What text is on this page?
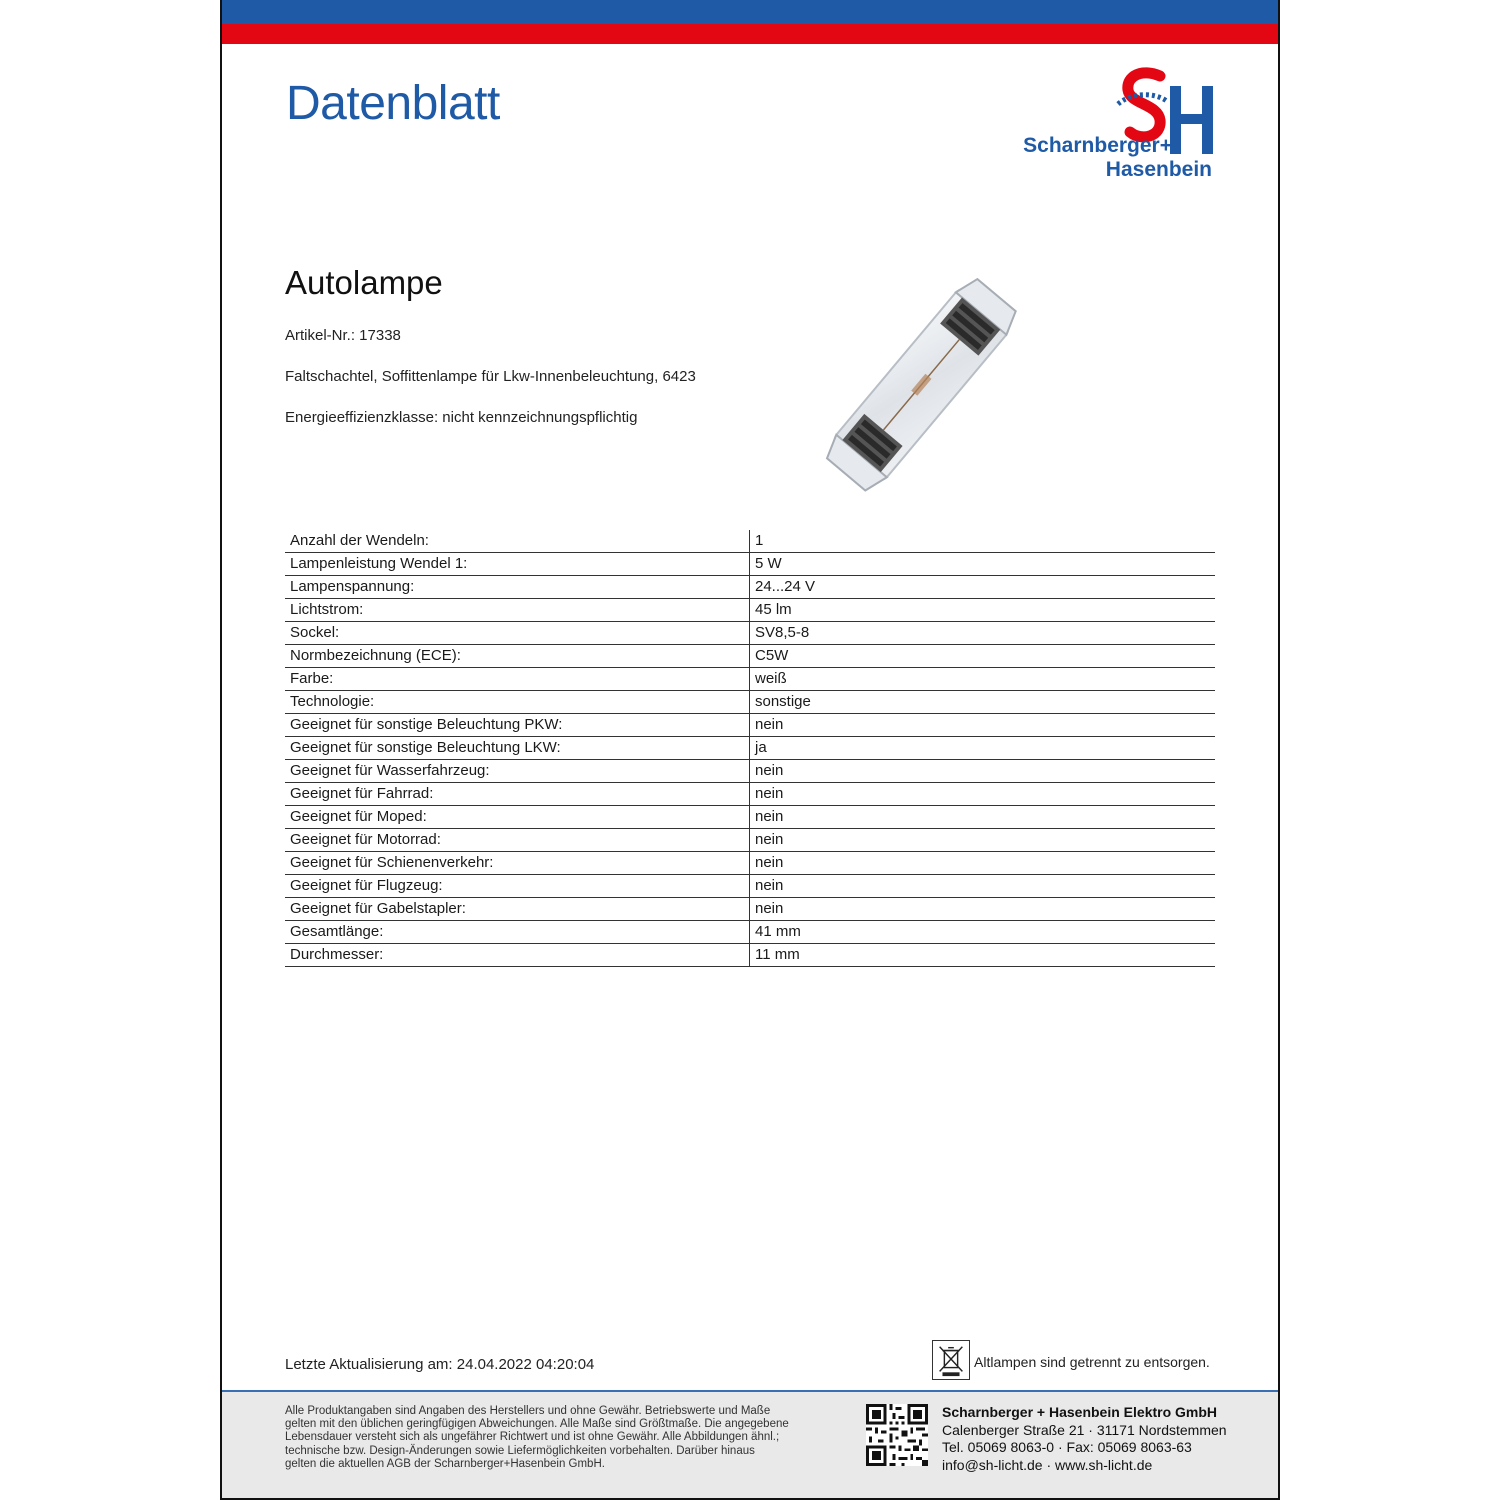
Datenblatt
Scharnberger+
Hasenbein
Autolampe
Artikel-Nr.: 17338
Faltschachtel, Soffittenlampe für Lkw-Innenbeleuchtung, 6423
Energieeffizienzklasse: nicht kennzeichnungspflichtig
Anzahl der Wendeln:	1
Lampenleistung Wendel 1:	5 W
Lampenspannung:	24...24 V
Lichtstrom:	45 lm
Sockel:	SV8,5-8
Normbezeichnung (ECE):	C5W
Farbe:	weiß
Technologie:	sonstige
Geeignet für sonstige Beleuchtung PKW:	nein
Geeignet für sonstige Beleuchtung LKW:	ja
Geeignet für Wasserfahrzeug:	nein
Geeignet für Fahrrad:	nein
Geeignet für Moped:	nein
Geeignet für Motorrad:	nein
Geeignet für Schienenverkehr:	nein
Geeignet für Flugzeug:	nein
Geeignet für Gabelstapler:	nein
Gesamtlänge:	41 mm
Durchmesser:	11 mm
Letzte Aktualisierung am: 24.04.2022 04:20:04	Altlampen sind getrennt zu entsorgen.
Alle Produktangaben sind Angaben des Herstellers und ohne Gewähr. Betriebswerte und Maße
gelten mit den üblichen geringfügigen Abweichungen. Alle Maße sind Größtmaße. Die angegebene
Lebensdauer versteht sich als ungefährer Richtwert und ist ohne Gewähr. Alle Abbildungen ähnl.;
technische bzw. Design-Änderungen sowie Liefermöglichkeiten vorbehalten. Darüber hinaus
gelten die aktuellen AGB der Scharnberger+Hasenbein GmbH.
Scharnberger + Hasenbein Elektro GmbH
Calenberger Straße 21 · 31171 Nordstemmen
Tel. 05069 8063-0 · Fax: 05069 8063-63
info@sh-licht.de · www.sh-licht.de
